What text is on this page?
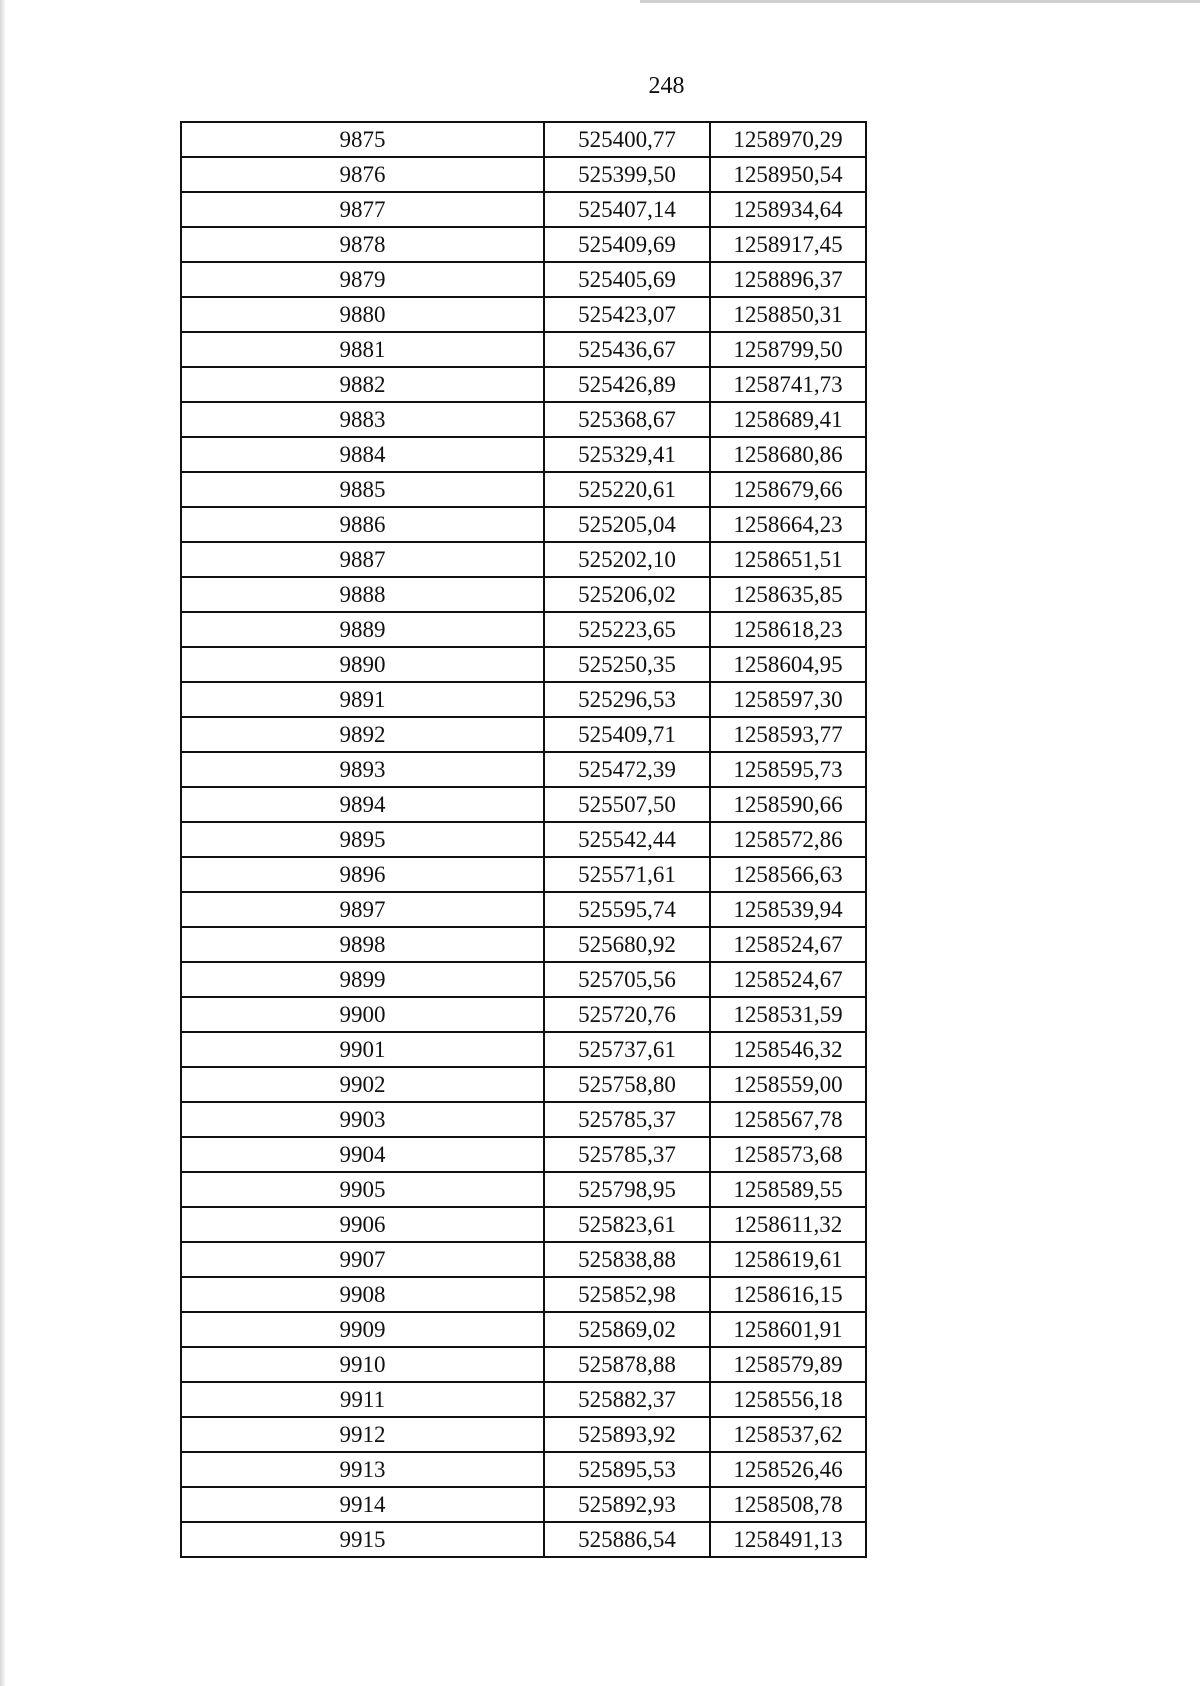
248
9875	525400,77	1258970,29
9876	525399,50	1258950,54
9877	525407,14	1258934,64
9878	525409,69	1258917,45
9879	525405,69	1258896,37
9880	525423,07	1258850,31
9881	525436,67	1258799,50
9882	525426,89	1258741,73
9883	525368,67	1258689,41
9884	525329,41	1258680,86
9885	525220,61	1258679,66
9886	525205,04	1258664,23
9887	525202,10	1258651,51
9888	525206,02	1258635,85
9889	525223,65	1258618,23
9890	525250,35	1258604,95
9891	525296,53	1258597,30
9892	525409,71	1258593,77
9893	525472,39	1258595,73
9894	525507,50	1258590,66
9895	525542,44	1258572,86
9896	525571,61	1258566,63
9897	525595,74	1258539,94
9898	525680,92	1258524,67
9899	525705,56	1258524,67
9900	525720,76	1258531,59
9901	525737,61	1258546,32
9902	525758,80	1258559,00
9903	525785,37	1258567,78
9904	525785,37	1258573,68
9905	525798,95	1258589,55
9906	525823,61	1258611,32
9907	525838,88	1258619,61
9908	525852,98	1258616,15
9909	525869,02	1258601,91
9910	525878,88	1258579,89
9911	525882,37	1258556,18
9912	525893,92	1258537,62
9913	525895,53	1258526,46
9914	525892,93	1258508,78
9915	525886,54	1258491,13
